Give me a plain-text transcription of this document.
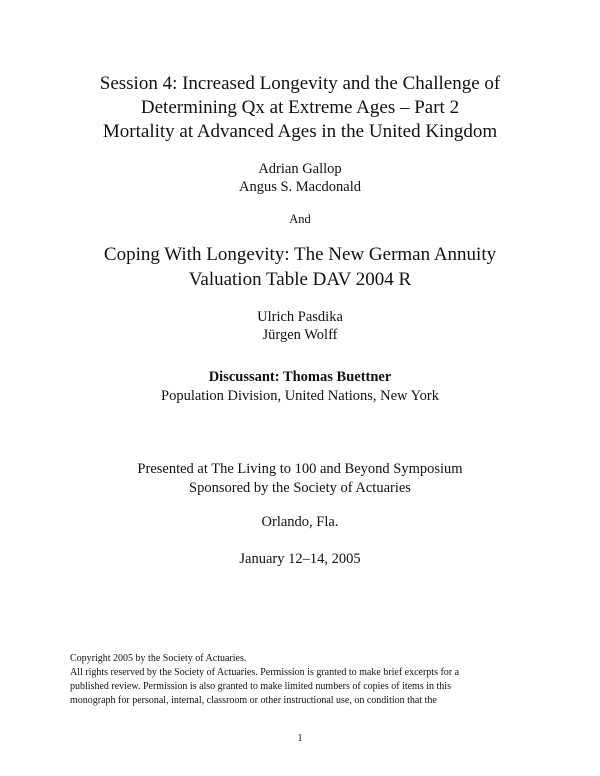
Session 4: Increased Longevity and the Challenge of
Determining Qx at Extreme Ages – Part 2
Mortality at Advanced Ages in the United Kingdom
Adrian Gallop
Angus S. Macdonald
And
Coping With Longevity: The New German Annuity
Valuation Table DAV 2004 R
Ulrich Pasdika
Jürgen Wolff
Discussant: Thomas Buettner
Population Division, United Nations, New York
Presented at The Living to 100 and Beyond Symposium
Sponsored by the Society of Actuaries
Orlando, Fla.
January 12–14, 2005
Copyright 2005 by the Society of Actuaries.
All rights reserved by the Society of Actuaries. Permission is granted to make brief excerpts for a
published review. Permission is also granted to make limited numbers of copies of items in this
monograph for personal, internal, classroom or other instructional use, on condition that the
1
